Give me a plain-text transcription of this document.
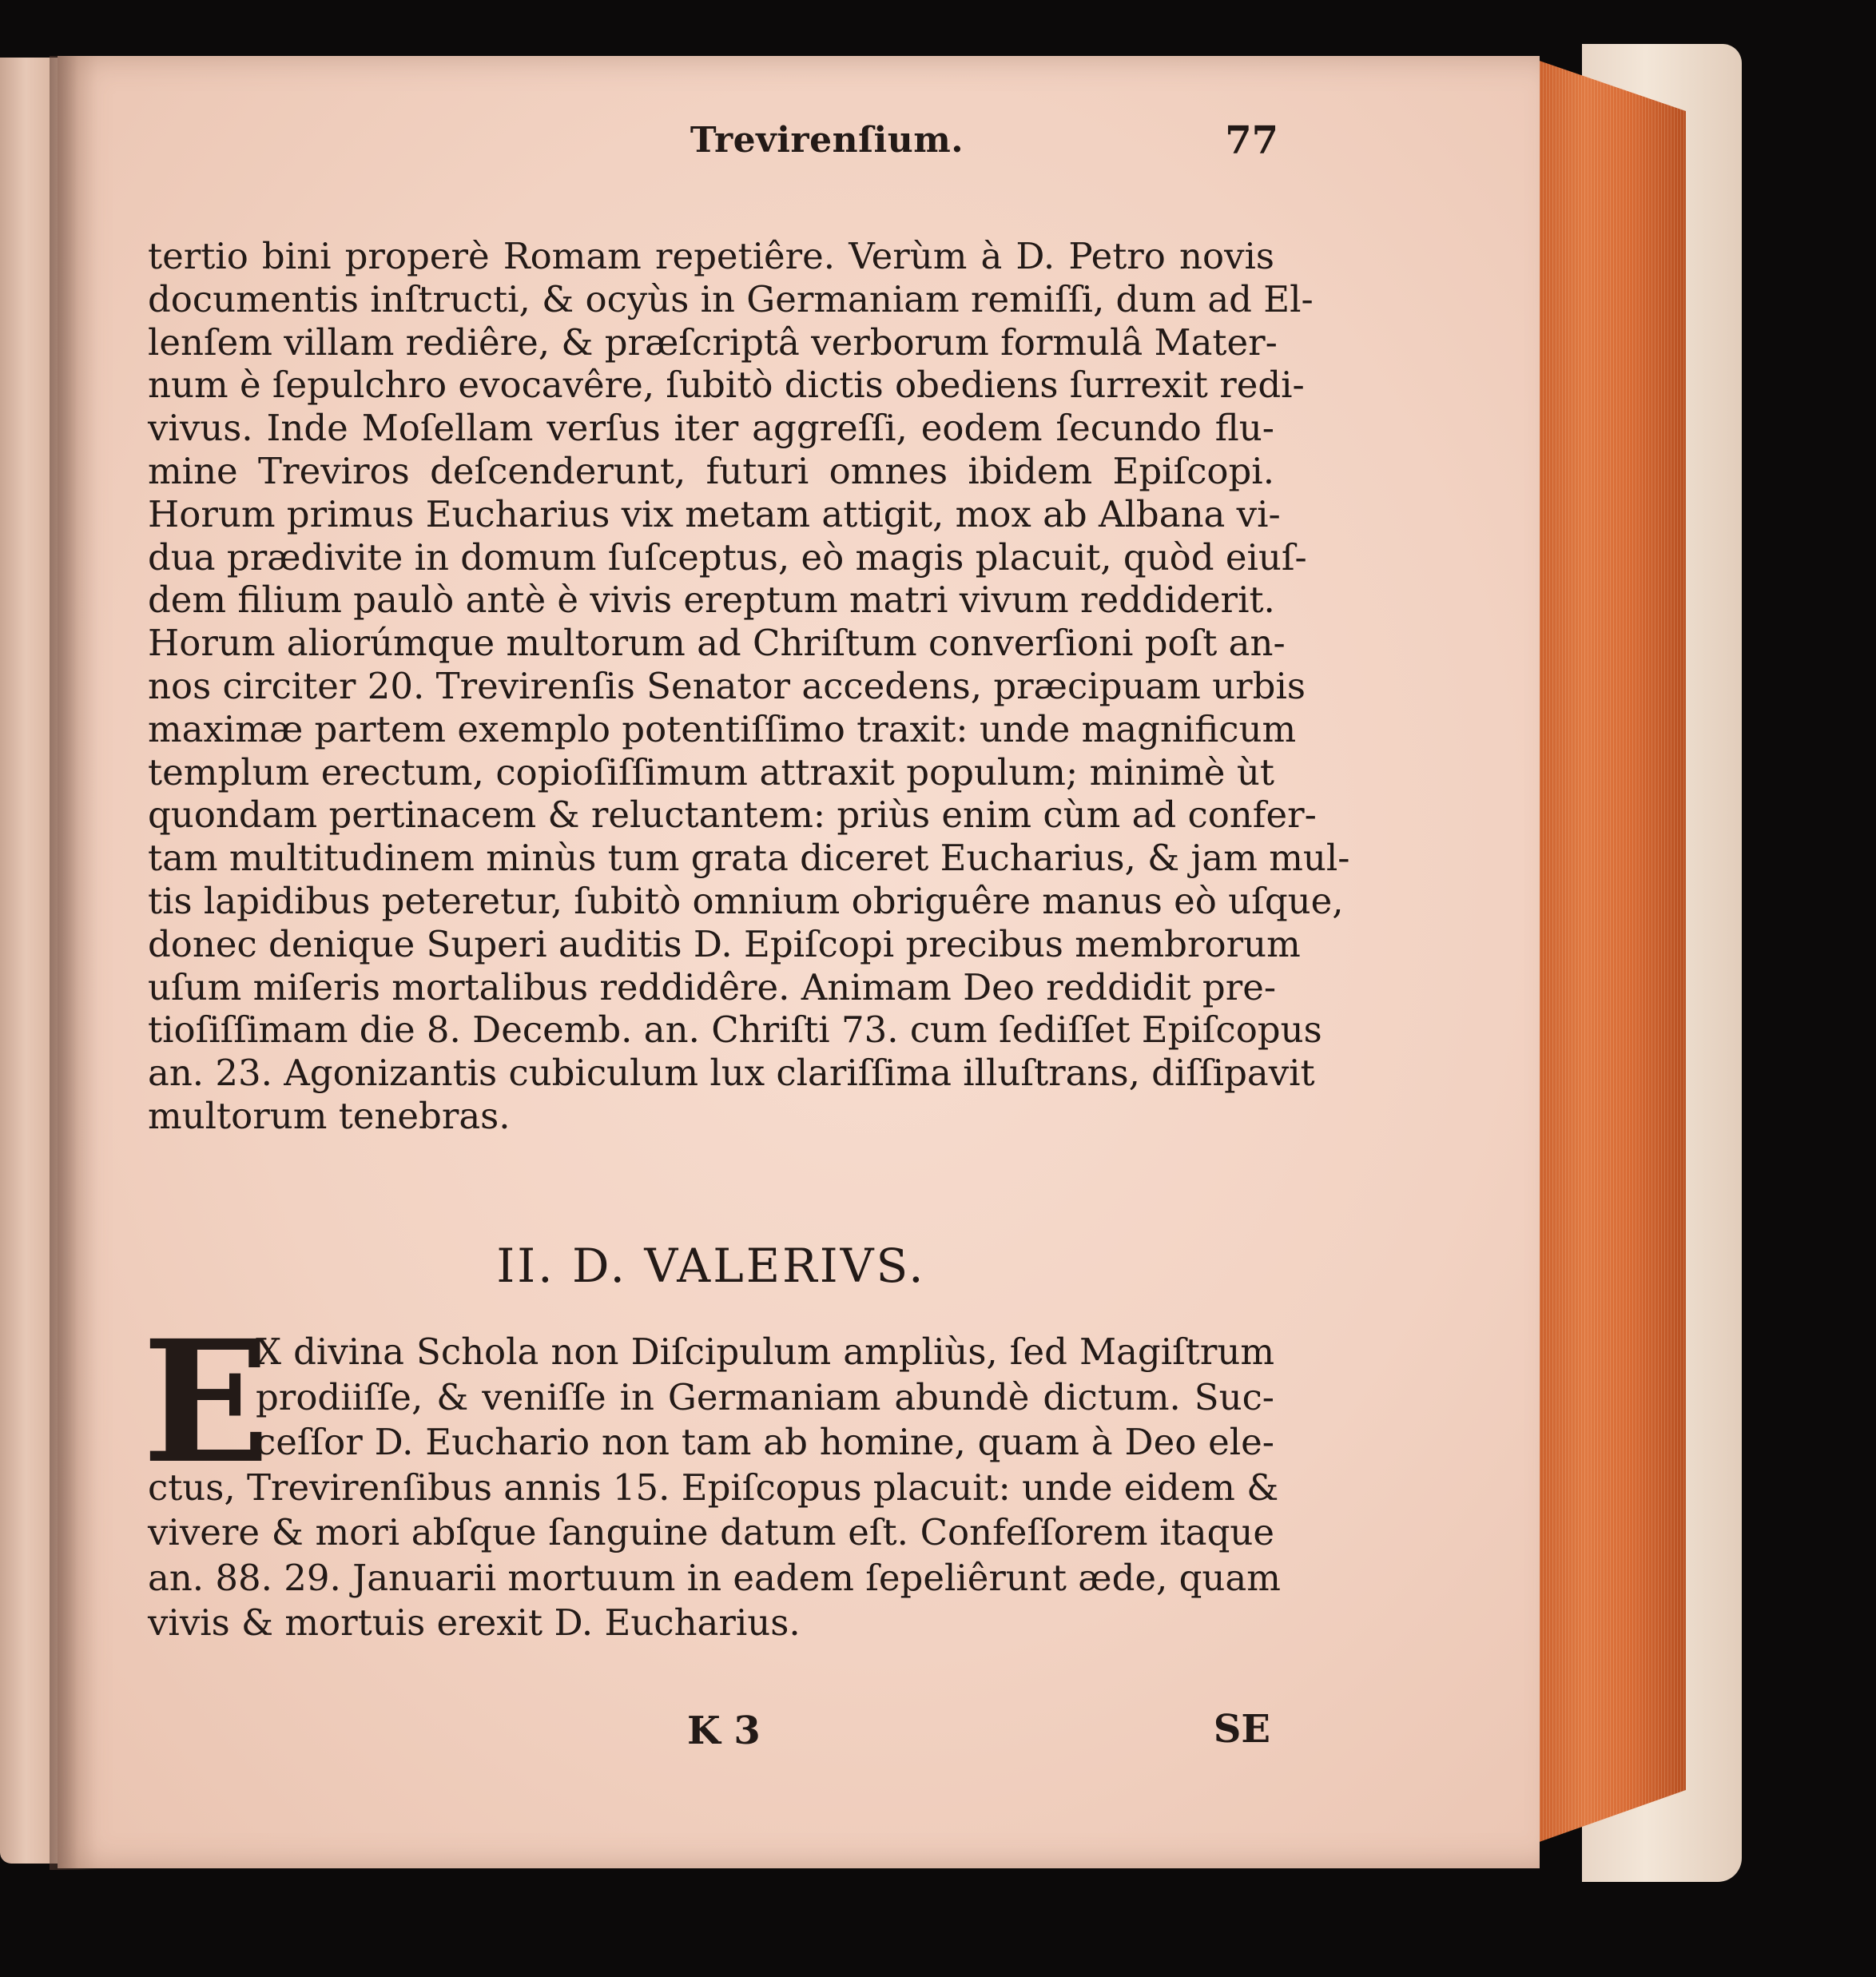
Trevirenſium.	77
tertio bini properè Romam repetiêre. Verùm à D. Petro novis
documentis inſtructi, & ocyùs in Germaniam remiſſi, dum ad El-
lenſem villam rediêre, & præſcriptâ verborum formulâ Mater-
num è ſepulchro evocavêre, ſubitò dictis obediens ſurrexit redi-
vivus. Inde Moſellam verſus iter aggreſſi, eodem ſecundo flu-
mine Treviros deſcenderunt, futuri omnes ibidem Epiſcopi.
Horum primus Eucharius vix metam attigit, mox ab Albana vi-
dua prædivite in domum ſuſceptus, eò magis placuit, quòd eiuſ-
dem filium paulò antè è vivis ereptum matri vivum reddiderit.
Horum aliorúmque multorum ad Chriſtum converſioni poſt an-
nos circiter 20. Trevirenſis Senator accedens, præcipuam urbis
maximæ partem exemplo potentiſſimo traxit: unde magnificum
templum erectum, copioſiſſimum attraxit populum; minimè ùt
quondam pertinacem & reluctantem: priùs enim cùm ad confer-
tam multitudinem minùs tum grata diceret Eucharius, & jam mul-
tis lapidibus peteretur, ſubitò omnium obriguêre manus eò uſque,
donec denique Superi auditis D. Epiſcopi precibus membrorum
uſum miſeris mortalibus reddidêre. Animam Deo reddidit pre-
tioſiſſimam die 8. Decemb. an. Chriſti 73. cum ſediſſet Epiſcopus
an. 23. Agonizantis cubiculum lux clariſſima illuſtrans, diſſipavit
multorum tenebras.
II. D. VALERIVS.
E
X divina Schola non Diſcipulum ampliùs, ſed Magiſtrum
prodiiſſe, & veniſſe in Germaniam abundè dictum. Suc-
ceſſor D. Euchario non tam ab homine, quam à Deo ele-
ctus, Trevirenſibus annis 15. Epiſcopus placuit: unde eidem &
vivere & mori abſque ſanguine datum eſt. Confeſſorem itaque
an. 88. 29. Januarii mortuum in eadem ſepeliêrunt æde, quam
vivis & mortuis erexit D. Eucharius.
K 3	SE
